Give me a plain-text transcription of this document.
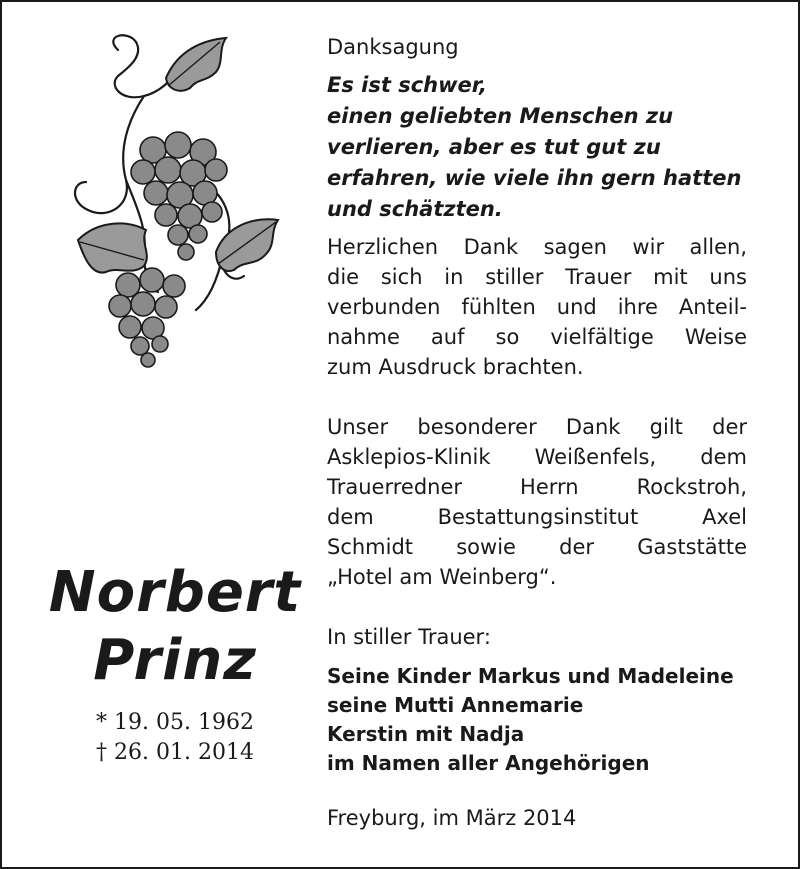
Norbert
Prinz
* 19. 05. 1962
† 26. 01. 2014
Danksagung
Es ist schwer,
einen geliebten Menschen zu
verlieren, aber es tut gut zu
erfahren, wie viele ihn gern hatten
und schätzten.
Herzlichen Dank sagen wir allen,
die sich in stiller Trauer mit uns
verbunden fühlten und ihre Anteil-
nahme auf so vielfältige Weise
zum Ausdruck brachten.
Unser besonderer Dank gilt der
Asklepios-Klinik Weißenfels, dem
Trauerredner Herrn Rockstroh,
dem Bestattungsinstitut Axel
Schmidt sowie der Gaststätte
„Hotel am Weinberg“.
In stiller Trauer:
Seine Kinder Markus und Madeleine
seine Mutti Annemarie
Kerstin mit Nadja
im Namen aller Angehörigen
Freyburg, im März 2014
